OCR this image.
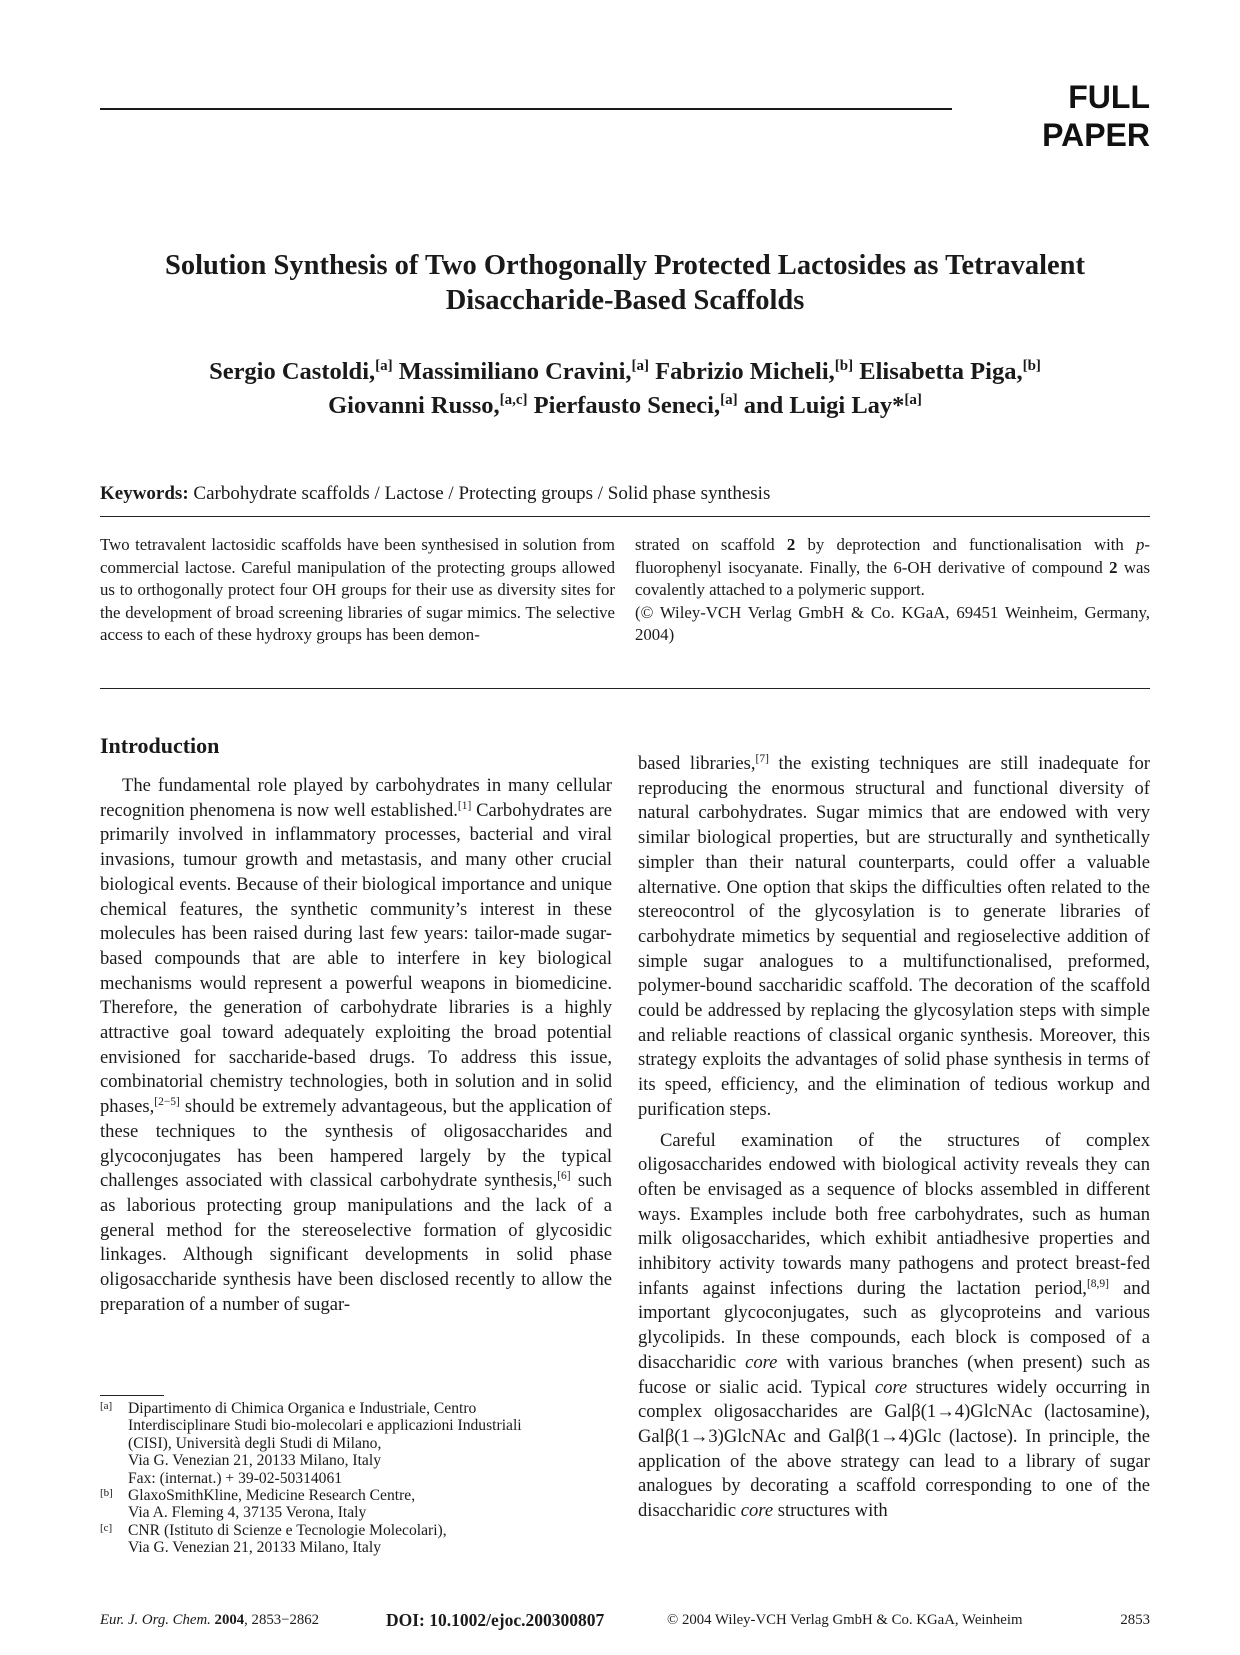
FULL PAPER
Solution Synthesis of Two Orthogonally Protected Lactosides as Tetravalent
Disaccharide-Based Scaffolds
Sergio Castoldi,[a] Massimiliano Cravini,[a] Fabrizio Micheli,[b] Elisabetta Piga,[b]
Giovanni Russo,[a,c] Pierfausto Seneci,[a] and Luigi Lay*[a]
Keywords: Carbohydrate scaffolds / Lactose / Protecting groups / Solid phase synthesis

Two tetravalent lactosidic scaffolds have been synthesised in solution from commercial lactose. Careful manipulation of the protecting groups allowed us to orthogonally protect four OH groups for their use as diversity sites for the development of broad screening libraries of sugar mimics. The selective access to each of these hydroxy groups has been demon-

strated on scaffold 2 by deprotection and functionalisation with p-fluorophenyl isocyanate. Finally, the 6-OH derivative of compound 2 was covalently attached to a polymeric support.

(© Wiley-VCH Verlag GmbH & Co. KGaA, 69451 Weinheim, Germany, 2004)

Introduction

The fundamental role played by carbohydrates in many cellular recognition phenomena is now well established.[1] Carbohydrates are primarily involved in inflammatory processes, bacterial and viral invasions, tumour growth and metastasis, and many other crucial biological events. Because of their biological importance and unique chemical features, the synthetic community’s interest in these molecules has been raised during last few years: tailor-made sugar-based compounds that are able to interfere in key biological mechanisms would represent a powerful weapons in biomedicine. Therefore, the generation of carbohydrate libraries is a highly attractive goal toward adequately exploiting the broad potential envisioned for saccharide-based drugs. To address this issue, combinatorial chemistry technologies, both in solution and in solid phases,[2−5] should be extremely advantageous, but the application of these techniques to the synthesis of oligosaccharides and glycoconjugates has been hampered largely by the typical challenges associated with classical carbohydrate synthesis,[6] such as laborious protecting group manipulations and the lack of a general method for the stereoselective formation of glycosidic linkages. Although significant developments in solid phase oligosaccharide synthesis have been disclosed recently to allow the preparation of a number of sugar-

based libraries,[7] the existing techniques are still inadequate for reproducing the enormous structural and functional diversity of natural carbohydrates. Sugar mimics that are endowed with very similar biological properties, but are structurally and synthetically simpler than their natural counterparts, could offer a valuable alternative. One option that skips the difficulties often related to the stereocontrol of the glycosylation is to generate libraries of carbohydrate mimetics by sequential and regioselective addition of simple sugar analogues to a multifunctionalised, preformed, polymer-bound saccharidic scaffold. The decoration of the scaffold could be addressed by replacing the glycosylation steps with simple and reliable reactions of classical organic synthesis. Moreover, this strategy exploits the advantages of solid phase synthesis in terms of its speed, efficiency, and the elimination of tedious workup and purification steps.

Careful examination of the structures of complex oligosaccharides endowed with biological activity reveals they can often be envisaged as a sequence of blocks assembled in different ways. Examples include both free carbohydrates, such as human milk oligosaccharides, which exhibit antiadhesive properties and inhibitory activity towards many pathogens and protect breast-fed infants against infections during the lactation period,[8,9] and important glycoconjugates, such as glycoproteins and various glycolipids. In these compounds, each block is composed of a disaccharidic core with various branches (when present) such as fucose or sialic acid. Typical core structures widely occurring in complex oligosaccharides are Galβ(1→4)GlcNAc (lactosamine), Galβ(1→3)GlcNAc and Galβ(1→4)Glc (lactose). In principle, the application of the above strategy can lead to a library of sugar analogues by decorating a scaffold corresponding to one of the disaccharidic core structures with

[a] Dipartimento di Chimica Organica e Industriale, Centro
Interdisciplinare Studi bio-molecolari e applicazioni Industriali
(CISI), Università degli Studi di Milano,
Via G. Venezian 21, 20133 Milano, Italy
Fax: (internat.) + 39-02-50314061
[b] GlaxoSmithKline, Medicine Research Centre,
Via A. Fleming 4, 37135 Verona, Italy
[c] CNR (Istituto di Scienze e Tecnologie Molecolari),
Via G. Venezian 21, 20133 Milano, Italy
Eur. J. Org. Chem. 2004 , 2853−2862	DOI: 10.1002/ejoc.200300807	© 2004 Wiley-VCH Verlag GmbH & Co. KGaA, Weinheim	2853
